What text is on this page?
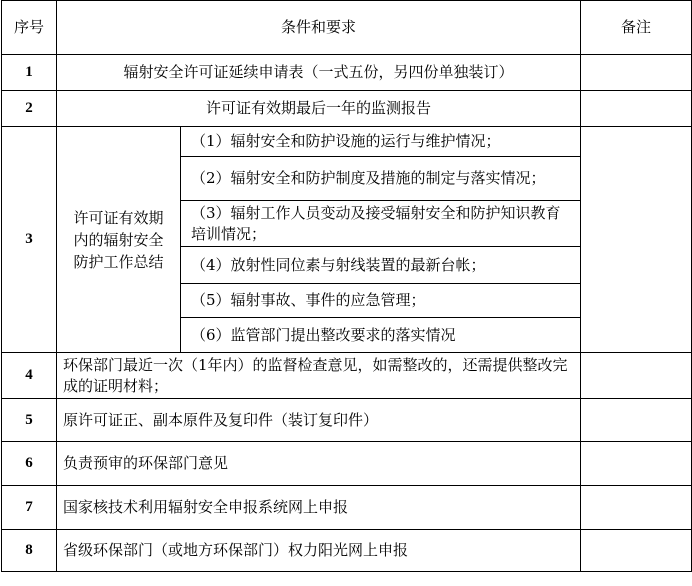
序号	条件和要求		备注
1	辐射安全许可证延续申请表（一式五份，另四份单独装订）		
2	许可证有效期最后一年的监测报告		
3	许可证有效期内的辐射安全防护工作总结	（1）辐射安全和防护设施的运行与维护情况；	
		（2）辐射安全和防护制度及措施的制定与落实情况；	
		（3）辐射工作人员变动及接受辐射安全和防护知识教育培训情况；	
		（4）放射性同位素与射线装置的最新台帐；	
		（5）辐射事故、事件的应急管理；	
		（6）监管部门提出整改要求的落实情况	
4	环保部门最近一次（1年内）的监督检查意见，如需整改的，还需提供整改完成的证明材料；		
5	原许可证正、副本原件及复印件（装订复印件）		
6	负责预审的环保部门意见		
7	国家核技术利用辐射安全申报系统网上申报		
8	省级环保部门（或地方环保部门）权力阳光网上申报		
